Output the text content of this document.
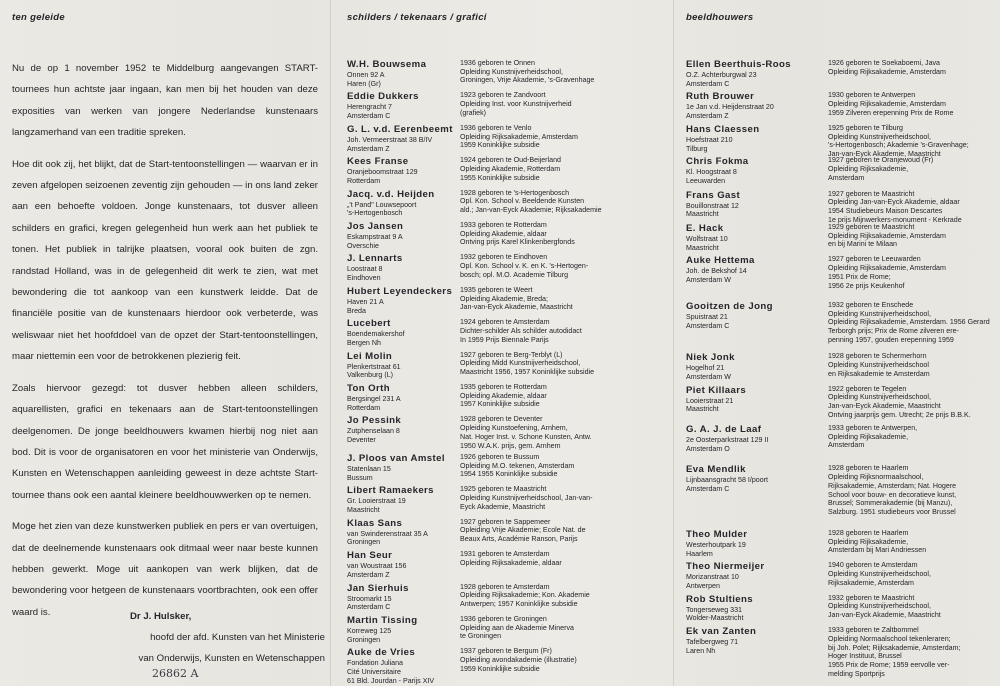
ten geleide	schilders / tekenaars / grafici	beeldhouwers

Nu de op 1 november 1952 te Middelburg aangevangen START-tournees hun achtste jaar ingaan, kan men bij het houden van deze exposities van werken van jongere Nederlandse kunstenaars langzamerhand van een traditie spreken.

Hoe dit ook zij, het blijkt, dat de Start-tentoonstellingen — waarvan er in zeven afgelopen seizoenen zeventig zijn gehouden — in ons land zeker aan een behoefte voldoen. Jonge kunstenaars, tot dusver alleen schilders en grafici, kregen gelegenheid hun werk aan het publiek te tonen. Het publiek in talrijke plaatsen, vooral ook buiten de zgn. randstad Holland, was in de gelegenheid dit werk te zien, wat met bewondering die tot aankoop van een kunstwerk leidde. Dat de financiële positie van de kunstenaars hierdoor ook verbeterde, was weliswaar niet het hoofddoel van de opzet der Start-tentoonstellingen, maar niettemin een voor de betrokkenen plezierig feit.

Zoals hiervoor gezegd: tot dusver hebben alleen schilders, aquarellisten, grafici en tekenaars aan de Start-tentoonstellingen deelgenomen. De jonge beeldhouwers kwamen hierbij nog niet aan bod. Dit is voor de organisatoren en voor het ministerie van Onderwijs, Kunsten en Wetenschappen aanleiding geweest in deze achtste Start-tournee thans ook een aantal kleinere beeldhouwwerken op te nemen.

Moge het zien van deze kunstwerken publiek en pers er van overtuigen, dat de deelnemende kunstenaars ook ditmaal weer naar beste kunnen hebben gewerkt. Moge uit aankopen van werk blijken, dat de bewondering voor hetgeen de kunstenaars voortbrachten, ook een offer waard is.	Dr J. Hulsker,
hoofd der afd. Kunsten van het Ministerie
van Onderwijs, Kunsten en Wetenschappen
26862 A
W.H. Bouwsema
Onnen 92 A
Haren (Gr)
1936 geboren te Onnen
Opleiding Kunstnijverheidschool,
Groningen, Vrije Akademie, 's-Gravenhage
Eddie Dukkers
Herengracht 7
Amsterdam C
1923 geboren te Zandvoort
Opleiding Inst. voor Kunstnijverheid
(grafiek)
G. L. v.d. Eerenbeemt
Joh. Vermeerstraat 38 B/IV
Amsterdam Z
1936 geboren te Venlo
Opleiding Rijksakademie, Amsterdam
1959 Koninklijke subsidie
Kees Franse
Oranjeboomstraat 129
Rotterdam
1924 geboren te Oud-Beijerland
Opleiding Akademie, Rotterdam
1955 Koninklijke subsidie
Jacq. v.d. Heijden
„'t Pand" Louwsepoort
's-Hertogenbosch
1928 geboren te 's-Hertogenbosch
Opl. Kon. School v. Beeldende Kunsten
ald.; Jan-van-Eyck Akademie; Rijksakademie
Jos Jansen
Eskampstraat 9 A
Overschie
1933 geboren te Rotterdam
Opleiding Akademie, aldaar
Ontving prijs Karel Klinkenbergfonds
J. Lennarts
Loostraat 8
Eindhoven
1932 geboren te Eindhoven
Opl. Kon. School v. K. en K. 's-Hertogen-
bosch; opl. M.O. Academie Tilburg
Hubert Leyendeckers
Haven 21 A
Breda
1935 geboren te Weert
Opleiding Akademie, Breda;
Jan-van-Eyck Akademie, Maastricht
Lucebert
Boendemakershof
Bergen Nh
1924 geboren te Amsterdam
Dichter-schilder Als schilder autodidact
In 1959 Prijs Biennale Parijs
Lei Molin
Plenkertstraat 61
Valkenburg (L)
1927 geboren te Berg-Terblyt (L)
Opleiding Midd Kunstnijverheidschool,
Maastricht 1956, 1957 Koninklijke subsidie
Ton Orth
Bergsingel 231 A
Rotterdam
1935 geboren te Rotterdam
Opleiding Akademie, aldaar
1957 Koninklijke subsidie
Jo Pessink
Zutphenselaan 8
Deventer
1928 geboren te Deventer
Opleiding Kunstoefening, Arnhem,
Nat. Hoger Inst. v. Schone Kunsten, Antw.
1950 W.A.K. prijs, gem. Arnhem
J. Ploos van Amstel
Statenlaan 15
Bussum
1926 geboren te Bussum
Opleiding M.O. tekenen, Amsterdam
1954 1955 Koninklijke subsidie
Libert Ramaekers
Gr. Looierstraat 19
Maastricht
1925 geboren te Maastricht
Opleiding Kunstnijverheidschool, Jan-van-
Eyck Akademie, Maastricht
Klaas Sans
van Swinderenstraat 35 A
Groningen
1927 geboren te Sappemeer
Opleiding Vrije Akademie; Ecole Nat. de
Beaux Arts, Académie Ranson, Parijs
Han Seur
van Woustraat 156
Amsterdam Z
1931 geboren te Amsterdam
Opleiding Rijksakademie, aldaar
Jan Sierhuis
Stroomarkt 15
Amsterdam C
1928 geboren te Amsterdam
Opleiding Rijksakademie; Kon. Akademie
Antwerpen; 1957 Koninklijke subsidie
Martin Tissing
Korreweg 125
Groningen
1936 geboren te Groningen
Opleiding aan de Akademie Minerva
te Groningen
Auke de Vries
Fondation Juliana
Cité Universitaire
61 Bld. Jourdan - Parijs XIV
1937 geboren te Bergum (Fr)
Opleiding avondakademie (illustratie)
1959 Koninklijke subsidie
Ellen Beerthuis-Roos
O.Z. Achterburgwal 23
Amsterdam C
1926 geboren te Soekaboemi, Java
Opleiding Rijksakademie, Amsterdam
Ruth Brouwer
1e Jan v.d. Heijdenstraat 20
Amsterdam Z
1930 geboren te Antwerpen
Opleiding Rijksakademie, Amsterdam
1959 Zilveren erepenning Prix de Rome
Hans Claessen
Hoefstraat 210
Tilburg
1925 geboren te Tilburg
Opleiding Kunstnijverheidschool,
's-Hertogenbosch; Akademie 's-Gravenhage;
Jan-van-Eyck Akademie, Maastricht
Chris Fokma
Kl. Hoogstraat 8
Leeuwarden
1927 geboren te Oranjewoud (Fr)
Opleiding Rijksakademie,
Amsterdam
Frans Gast
Bouillonstraat 12
Maastricht
1927 geboren te Maastricht
Opleiding Jan-van-Eyck Akademie, aldaar
1954 Studiebeurs Maison Descartes
1e prijs Mijnwerkers-monument - Kerkrade
E. Hack
Wolfstraat 10
Maastricht
1929 geboren te Maastricht
Opleiding Rijksakademie, Amsterdam
en bij Marini te Milaan
Auke Hettema
Joh. de Bekshof 14
Amsterdam W
1927 geboren te Leeuwarden
Opleiding Rijksakademie, Amsterdam
1951 Prix de Rome;
1956 2e prijs Keukenhof
Gooitzen de Jong
Spuistraat 21
Amsterdam C
1932 geboren te Enschede
Opleiding Kunstnijverheidschool,
Opleiding Rijksakademie, Amsterdam. 1956 Gerard
Terborgh prijs; Prix de Rome zilveren ere-
penning 1957, gouden erepenning 1959
Niek Jonk
Hogelhof 21
Amsterdam W
1928 geboren te Schermerhorn
Opleiding Kunstnijverheidschool
en Rijksakademie te Amsterdam
Piet Killaars
Looierstraat 21
Maastricht
1922 geboren te Tegelen
Opleiding Kunstnijverheidschool,
Jan-van-Eyck Akademie, Maastricht
Ontving jaarprijs gem. Utrecht; 2e prijs B.B.K.
G. A. J. de Laaf
2e Oosterparkstraat 129 II
Amsterdam O
1933 geboren te Antwerpen,
Opleiding Rijksakademie,
Amsterdam
Eva Mendlik
Lijnbaansgracht 58 I/poort
Amsterdam C
1928 geboren te Haarlem
Opleiding Rijksnormaalschool,
Rijksakademie, Amsterdam; Nat. Hogere
School voor bouw- en decoratieve kunst,
Brussel; Sommerakademie (bij Manzu),
Salzburg. 1951 studiebeurs voor Brussel
Theo Mulder
Westerhoutpark 19
Haarlem
1928 geboren te Haarlem
Opleiding Rijksakademie,
Amsterdam bij Mari Andriessen
Theo Niermeijer
Morizanstraat 10
Antwerpen
1940 geboren te Amsterdam
Opleiding Kunstnijverheidschool,
Rijksakademie, Amsterdam
Rob Stultiens
Tongerseweg 331
Wolder-Maastricht
1932 geboren te Maastricht
Opleiding Kunstnijverheidschool,
Jan-van-Eyck Akademie, Maastricht
Ek van Zanten
Tafelbergweg 71
Laren Nh
1933 geboren te Zaltbommel
Opleiding Normaalschool tekenleraren;
bij Joh. Polet; Rijksakademie, Amsterdam;
Hoger Instituut, Brussel
1955 Prix de Rome; 1959 eervolle ver-
melding Sportprijs
